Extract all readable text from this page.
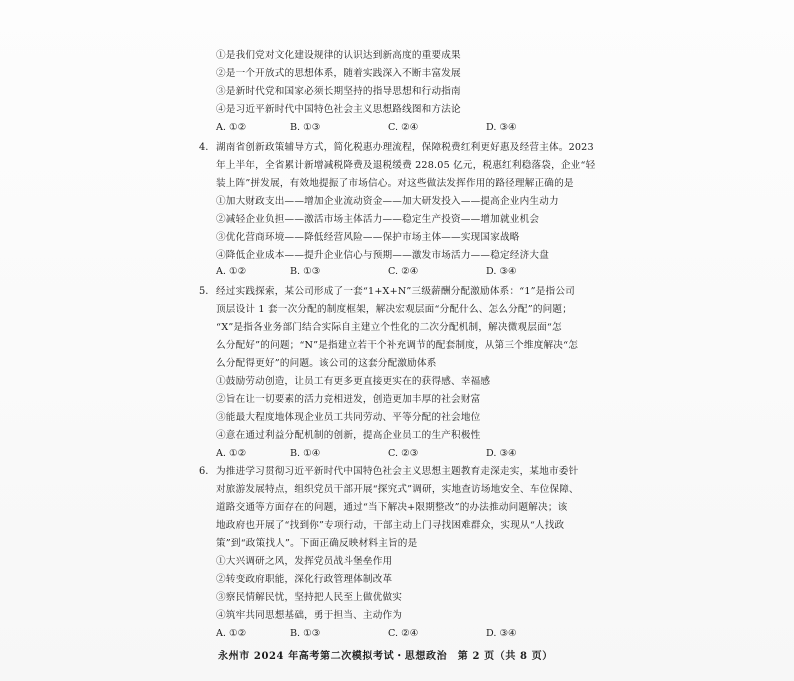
①是我们党对文化建设规律的认识达到新高度的重要成果
②是一个开放式的思想体系，随着实践深入不断丰富发展
③是新时代党和国家必须长期坚持的指导思想和行动指南
④是习近平新时代中国特色社会主义思想路线图和方法论
A. ①②	B. ①③	C. ②④	D. ③④
4. 湖南省创新政策辅导方式，简化税惠办理流程，保障税费红利更好惠及经营主体。2023
年上半年，全省累计新增减税降费及退税缓费 228.05 亿元，税惠红利稳落袋，企业“轻
装上阵”拼发展，有效地提振了市场信心。对这些做法发挥作用的路径理解正确的是
①加大财政支出——增加企业流动资金——加大研发投入——提高企业内生动力
②减轻企业负担——激活市场主体活力——稳定生产投资——增加就业机会
③优化营商环境——降低经营风险——保护市场主体——实现国家战略
④降低企业成本——提升企业信心与预期——激发市场活力——稳定经济大盘
A. ①②	B. ①③	C. ②④	D. ③④
5. 经过实践探索，某公司形成了一套“1+X+N”三级薪酬分配激励体系：“1”是指公司
顶层设计 1 套一次分配的制度框架，解决宏观层面“分配什么、怎么分配”的问题；
“X”是指各业务部门结合实际自主建立个性化的二次分配机制，解决微观层面“怎
么分配好”的问题；“N”是指建立若干个补充调节的配套制度，从第三个维度解决“怎
么分配得更好”的问题。该公司的这套分配激励体系
①鼓励劳动创造，让员工有更多更直接更实在的获得感、幸福感
②旨在让一切要素的活力竞相迸发，创造更加丰厚的社会财富
③能最大程度地体现企业员工共同劳动、平等分配的社会地位
④意在通过利益分配机制的创新，提高企业员工的生产积极性
A. ①②	B. ①④	C. ②③	D. ③④
6. 为推进学习贯彻习近平新时代中国特色社会主义思想主题教育走深走实，某地市委针
对旅游发展特点，组织党员干部开展“探究式”调研，实地查访场地安全、车位保障、
道路交通等方面存在的问题，通过“当下解决+限期整改”的办法推动问题解决；该
地政府也开展了“找到你”专项行动，干部主动上门寻找困难群众，实现从“人找政
策”到“政策找人”。下面正确反映材料主旨的是
①大兴调研之风，发挥党员战斗堡垒作用
②转变政府职能，深化行政管理体制改革
③察民情解民忧，坚持把人民至上做优做实
④筑牢共同思想基础，勇于担当、主动作为
A. ①②	B. ①③	C. ②④	D. ③④
永州市 2024 年高考第二次模拟考试・思想政治　第 2 页（共 8 页）
